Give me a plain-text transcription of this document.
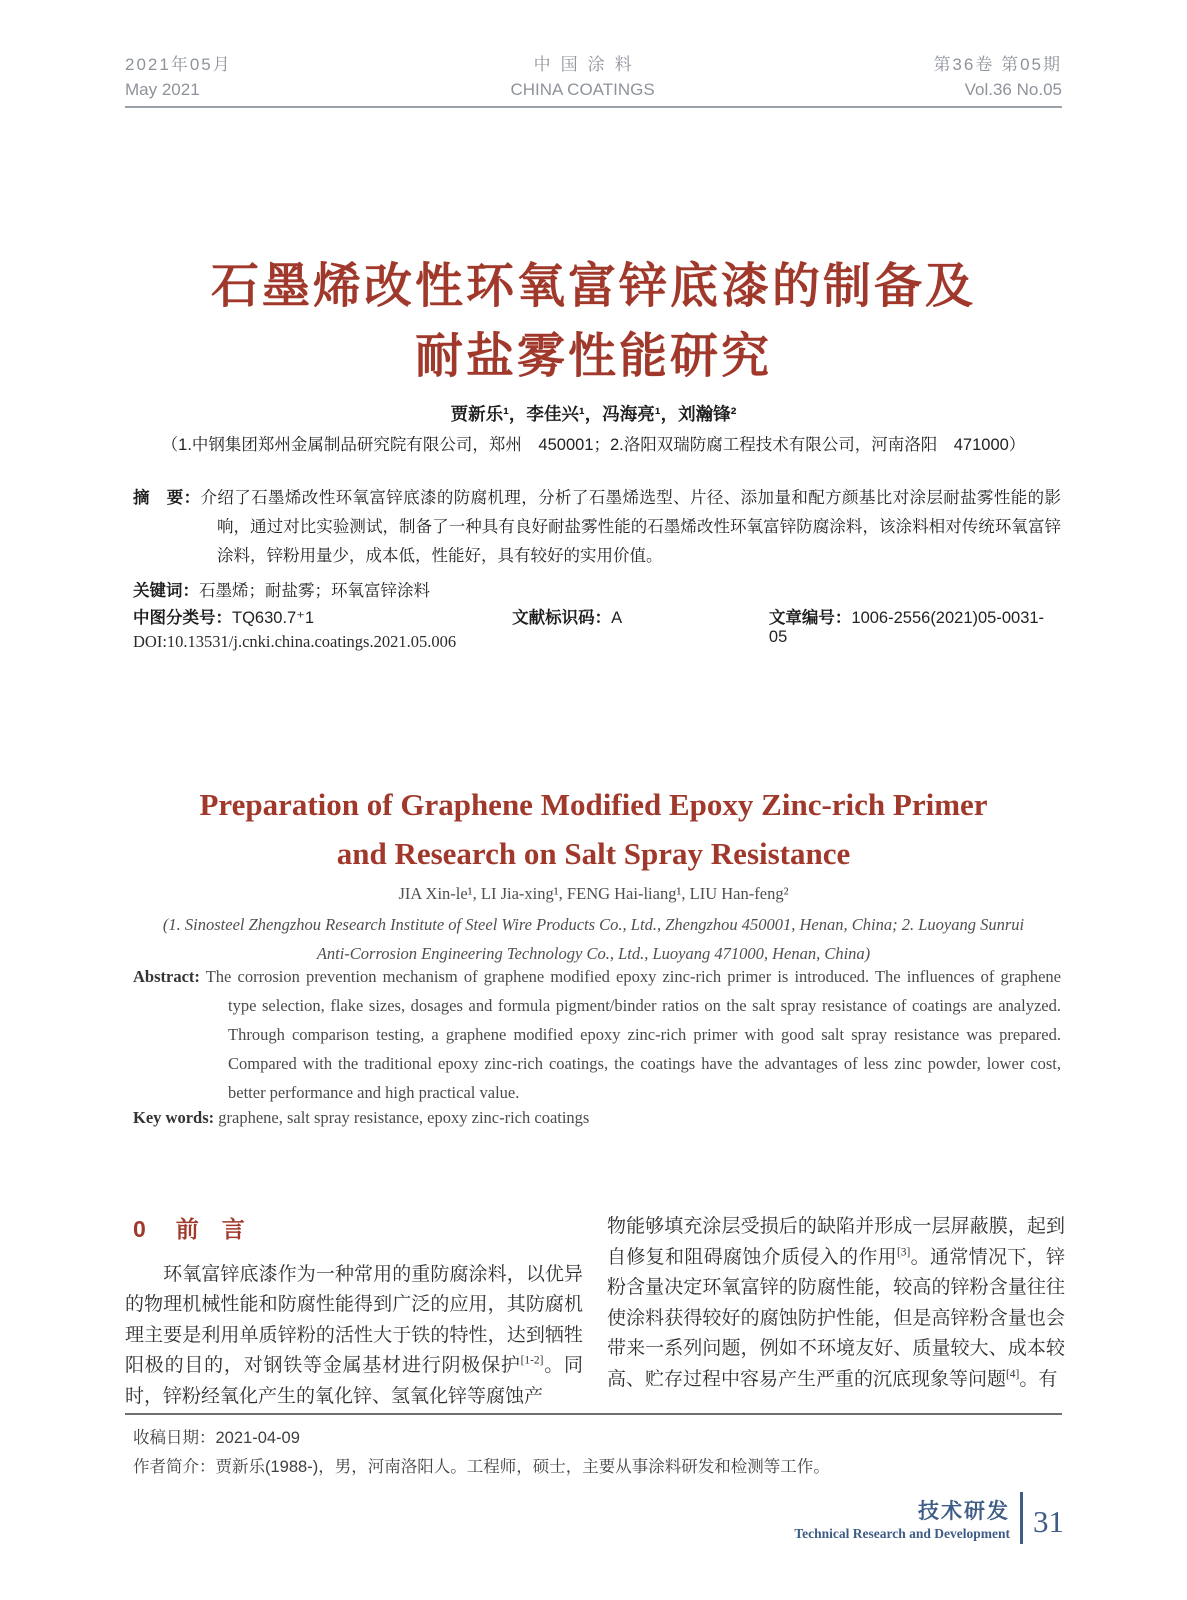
2021年05月
May 2021
中国涂料
CHINA COATINGS
第36卷 第05期
Vol.36 No.05
石墨烯改性环氧富锌底漆的制备及
耐盐雾性能研究
贾新乐¹，李佳兴¹，冯海亮¹，刘瀚锋²
（1.中钢集团郑州金属制品研究院有限公司，郑州　450001；2.洛阳双瑞防腐工程技术有限公司，河南洛阳　471000）
摘　要：介绍了石墨烯改性环氧富锌底漆的防腐机理，分析了石墨烯选型、片径、添加量和配方颜基比对涂层耐盐雾性能的影响，通过对比实验测试，制备了一种具有良好耐盐雾性能的石墨烯改性环氧富锌防腐涂料，该涂料相对传统环氧富锌涂料，锌粉用量少，成本低，性能好，具有较好的实用价值。
关键词：石墨烯；耐盐雾；环氧富锌涂料
中图分类号：TQ630.7⁺1	文献标识码：A	文章编号：1006-2556(2021)05-0031-05
DOI:10.13531/j.cnki.china.coatings.2021.05.006
Preparation of Graphene Modified Epoxy Zinc-rich Primer
and Research on Salt Spray Resistance
JIA Xin-le¹, LI Jia-xing¹, FENG Hai-liang¹, LIU Han-feng²
(1. Sinosteel Zhengzhou Research Institute of Steel Wire Products Co., Ltd., Zhengzhou 450001, Henan, China; 2. Luoyang Sunrui
Anti-Corrosion Engineering Technology Co., Ltd., Luoyang 471000, Henan, China)
Abstract: The corrosion prevention mechanism of graphene modified epoxy zinc-rich primer is introduced. The influences of graphene type selection, flake sizes, dosages and formula pigment/binder ratios on the salt spray resistance of coatings are analyzed. Through comparison testing, a graphene modified epoxy zinc-rich primer with good salt spray resistance was prepared. Compared with the traditional epoxy zinc-rich coatings, the coatings have the advantages of less zinc powder, lower cost, better performance and high practical value.
Key words: graphene, salt spray resistance, epoxy zinc-rich coatings
0 前　言
　　环氧富锌底漆作为一种常用的重防腐涂料，以优异的物理机械性能和防腐性能得到广泛的应用，其防腐机理主要是利用单质锌粉的活性大于铁的特性，达到牺牲阳极的目的，对钢铁等金属基材进行阴极保护[1-2]。同时，锌粉经氧化产生的氧化锌、氢氧化锌等腐蚀产
物能够填充涂层受损后的缺陷并形成一层屏蔽膜，起到自修复和阻碍腐蚀介质侵入的作用[3]。通常情况下，锌粉含量决定环氧富锌的防腐性能，较高的锌粉含量往往使涂料获得较好的腐蚀防护性能，但是高锌粉含量也会带来一系列问题，例如不环境友好、质量较大、成本较高、贮存过程中容易产生严重的沉底现象等问题[4]。有
收稿日期：2021-04-09
作者简介：贾新乐(1988-)，男，河南洛阳人。工程师，硕士，主要从事涂料研发和检测等工作。
技术研发
Technical Research and Development 31
